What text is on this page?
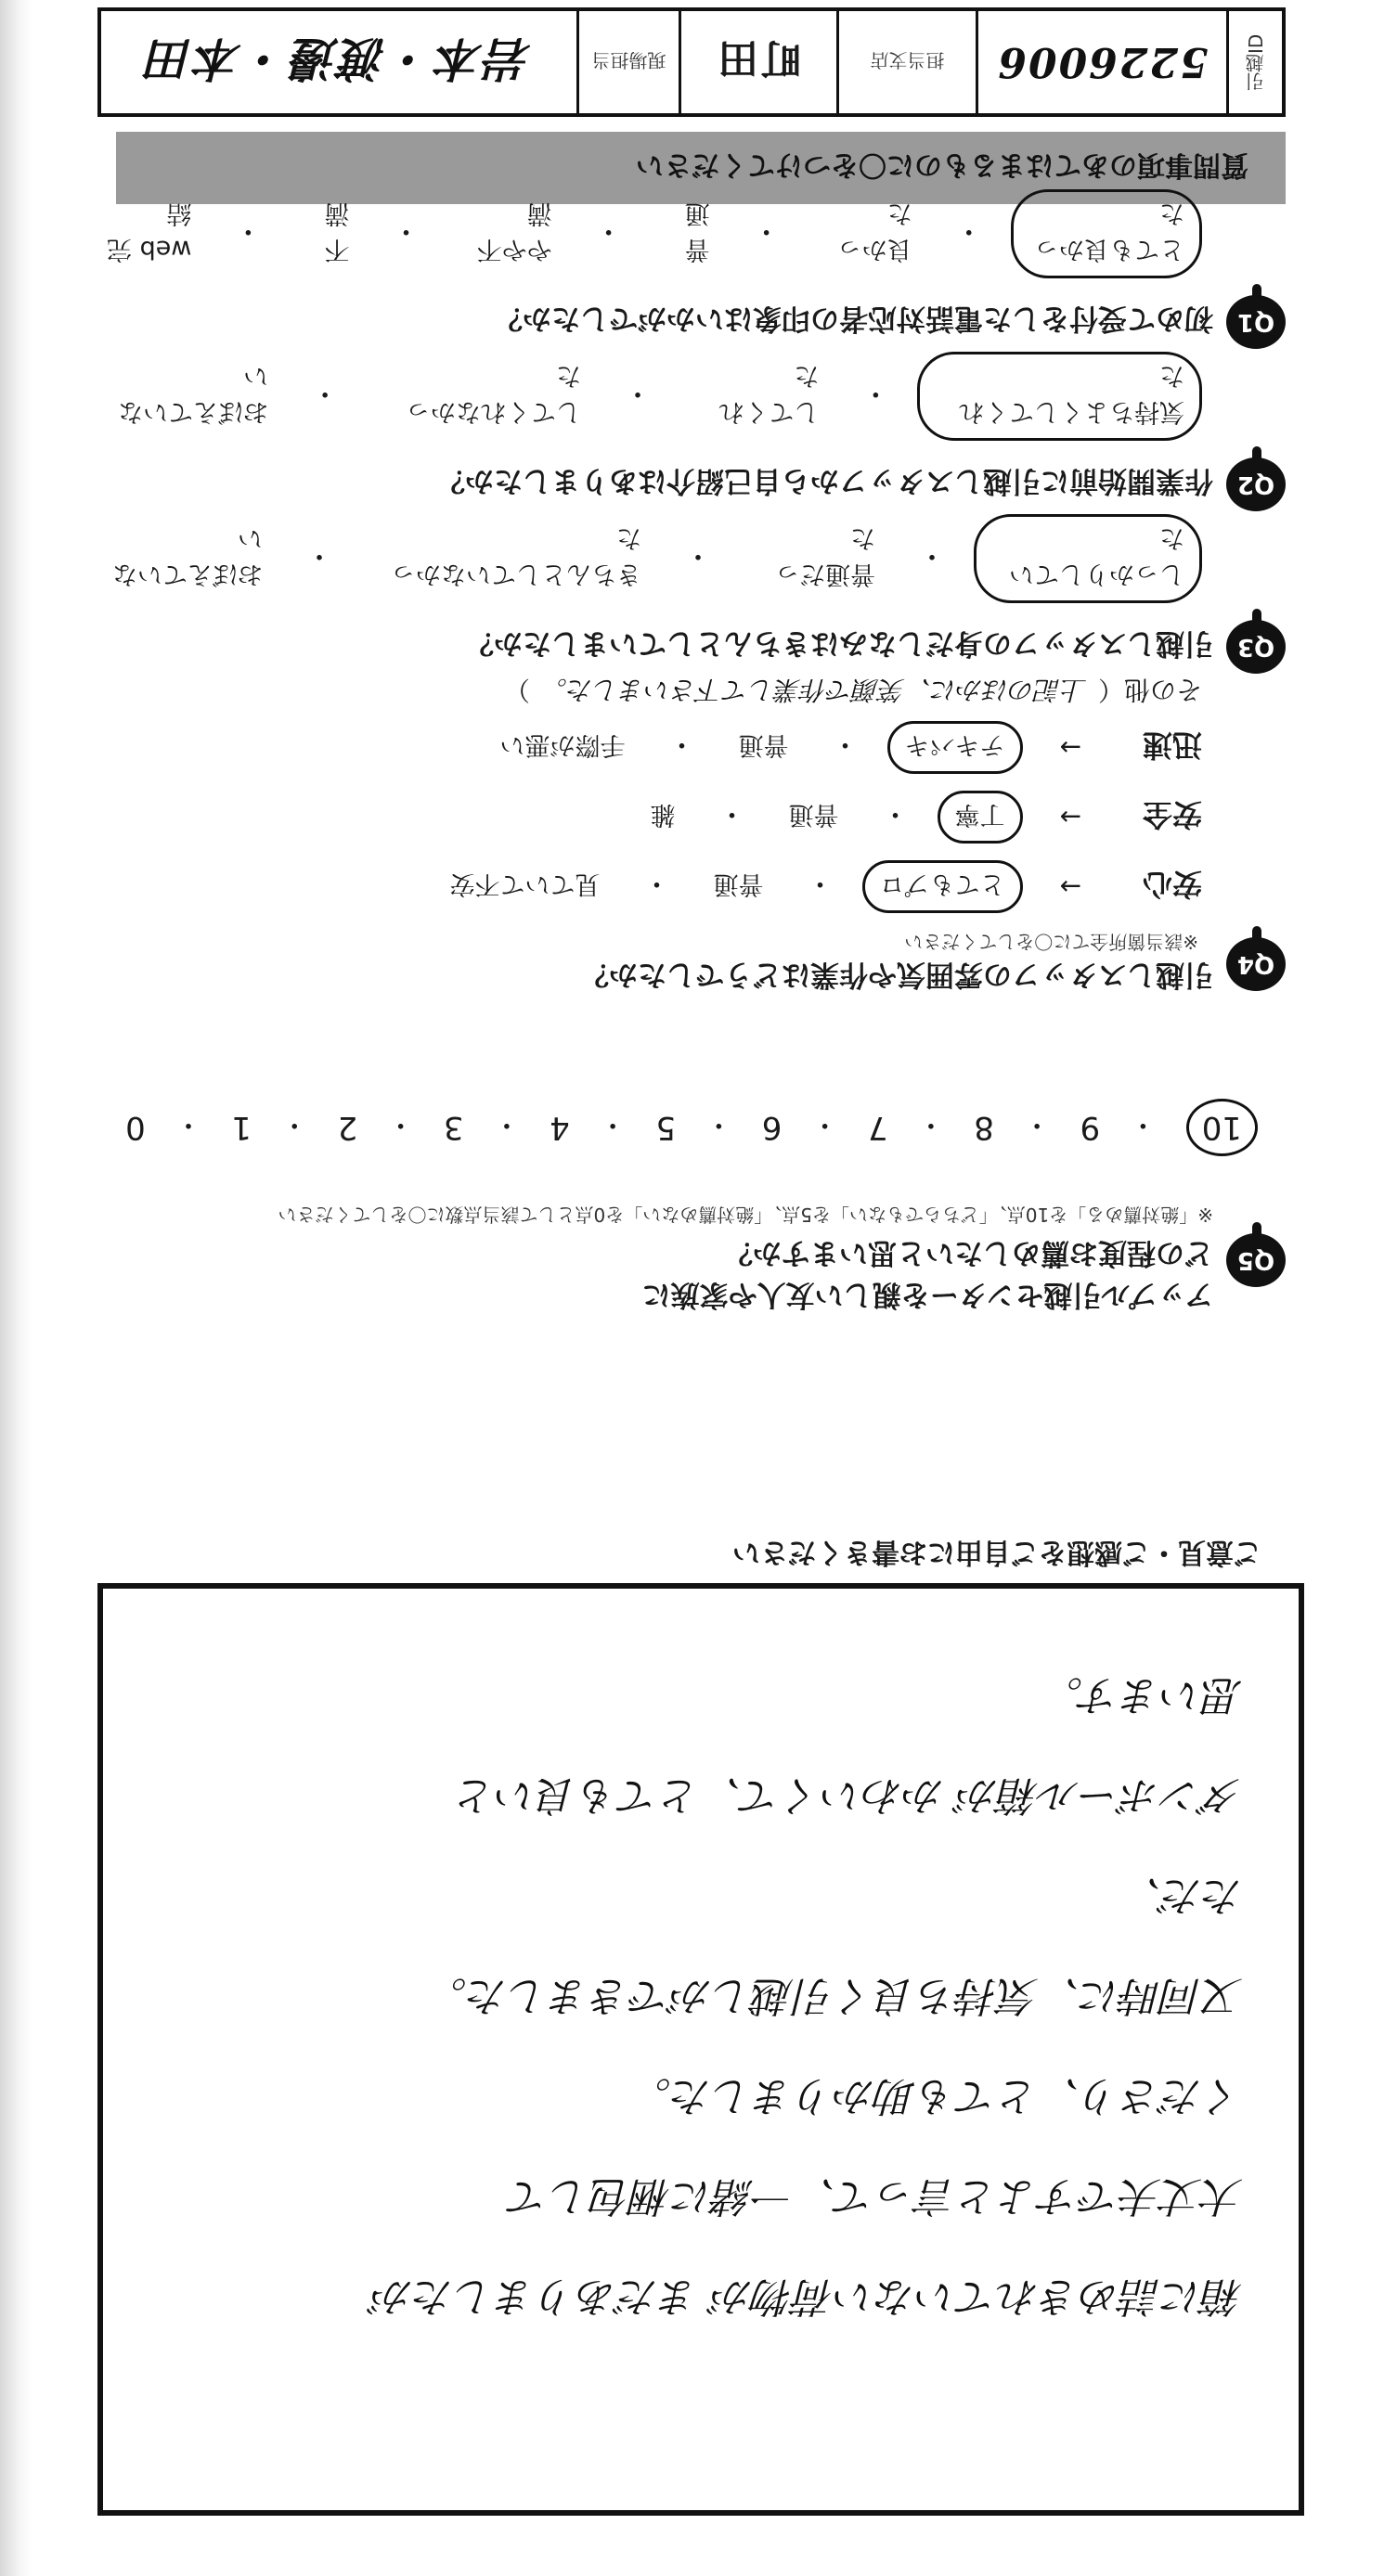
引越ID
5226006
担当支店
町田
現場担当
岩本・渡邊・本田
質問事項のあてはまるものに〇をつけてください
Q1
初めて受付をした電話対応者の印象はいかがでしたか？
とても良かった
・
良かった
・
普通
・
やや不満
・
不満
・
web 完結
Q2
作業開始前に引越しスタッフから自己紹介はありましたか？
気持ちよくしてくれた
・
してくれた
・
してくれなかった
・
おぼえていない
Q3
引越しスタッフの身だしなみはきちんとしていましたか？
しっかりしていた
・
普通だった
・
きちんとしていなかった
・
おぼえていない
Q4
引越しスタッフの雰囲気や作業はどうでしたか？
※該当箇所全てに〇をしてください
安心
→
とてもプロ
・
普通
・
見ていて不安
安全
→
丁寧
・
普通
・
雑
迅速
→
テキパキ
・
普通
・
手際が悪い
その他（
上記のほかに、笑顔で作業して下さいました。
）
Q5
アップル引越センターを親しい友人や家族に
どの程度お薦めしたいと思いますか？
※「絶対薦める」を10点、「どちらでもない」を5点、「絶対薦めない」を0点として該当点数に〇をしてください
10
・
9
・
8
・
7
・
6
・
5
・
4
・
3
・
2
・
1
・
0
ご意見・ご感想をご自由にお書きください
思います。
ダンボール箱が かわいくて、とても良いと
ただ、
又同時に、気持ち良く引越しができました。
くださり、とても助かりました。
大丈夫ですよと言って、一緒に梱包して
箱に詰めきれていない荷物が まだありましたが
